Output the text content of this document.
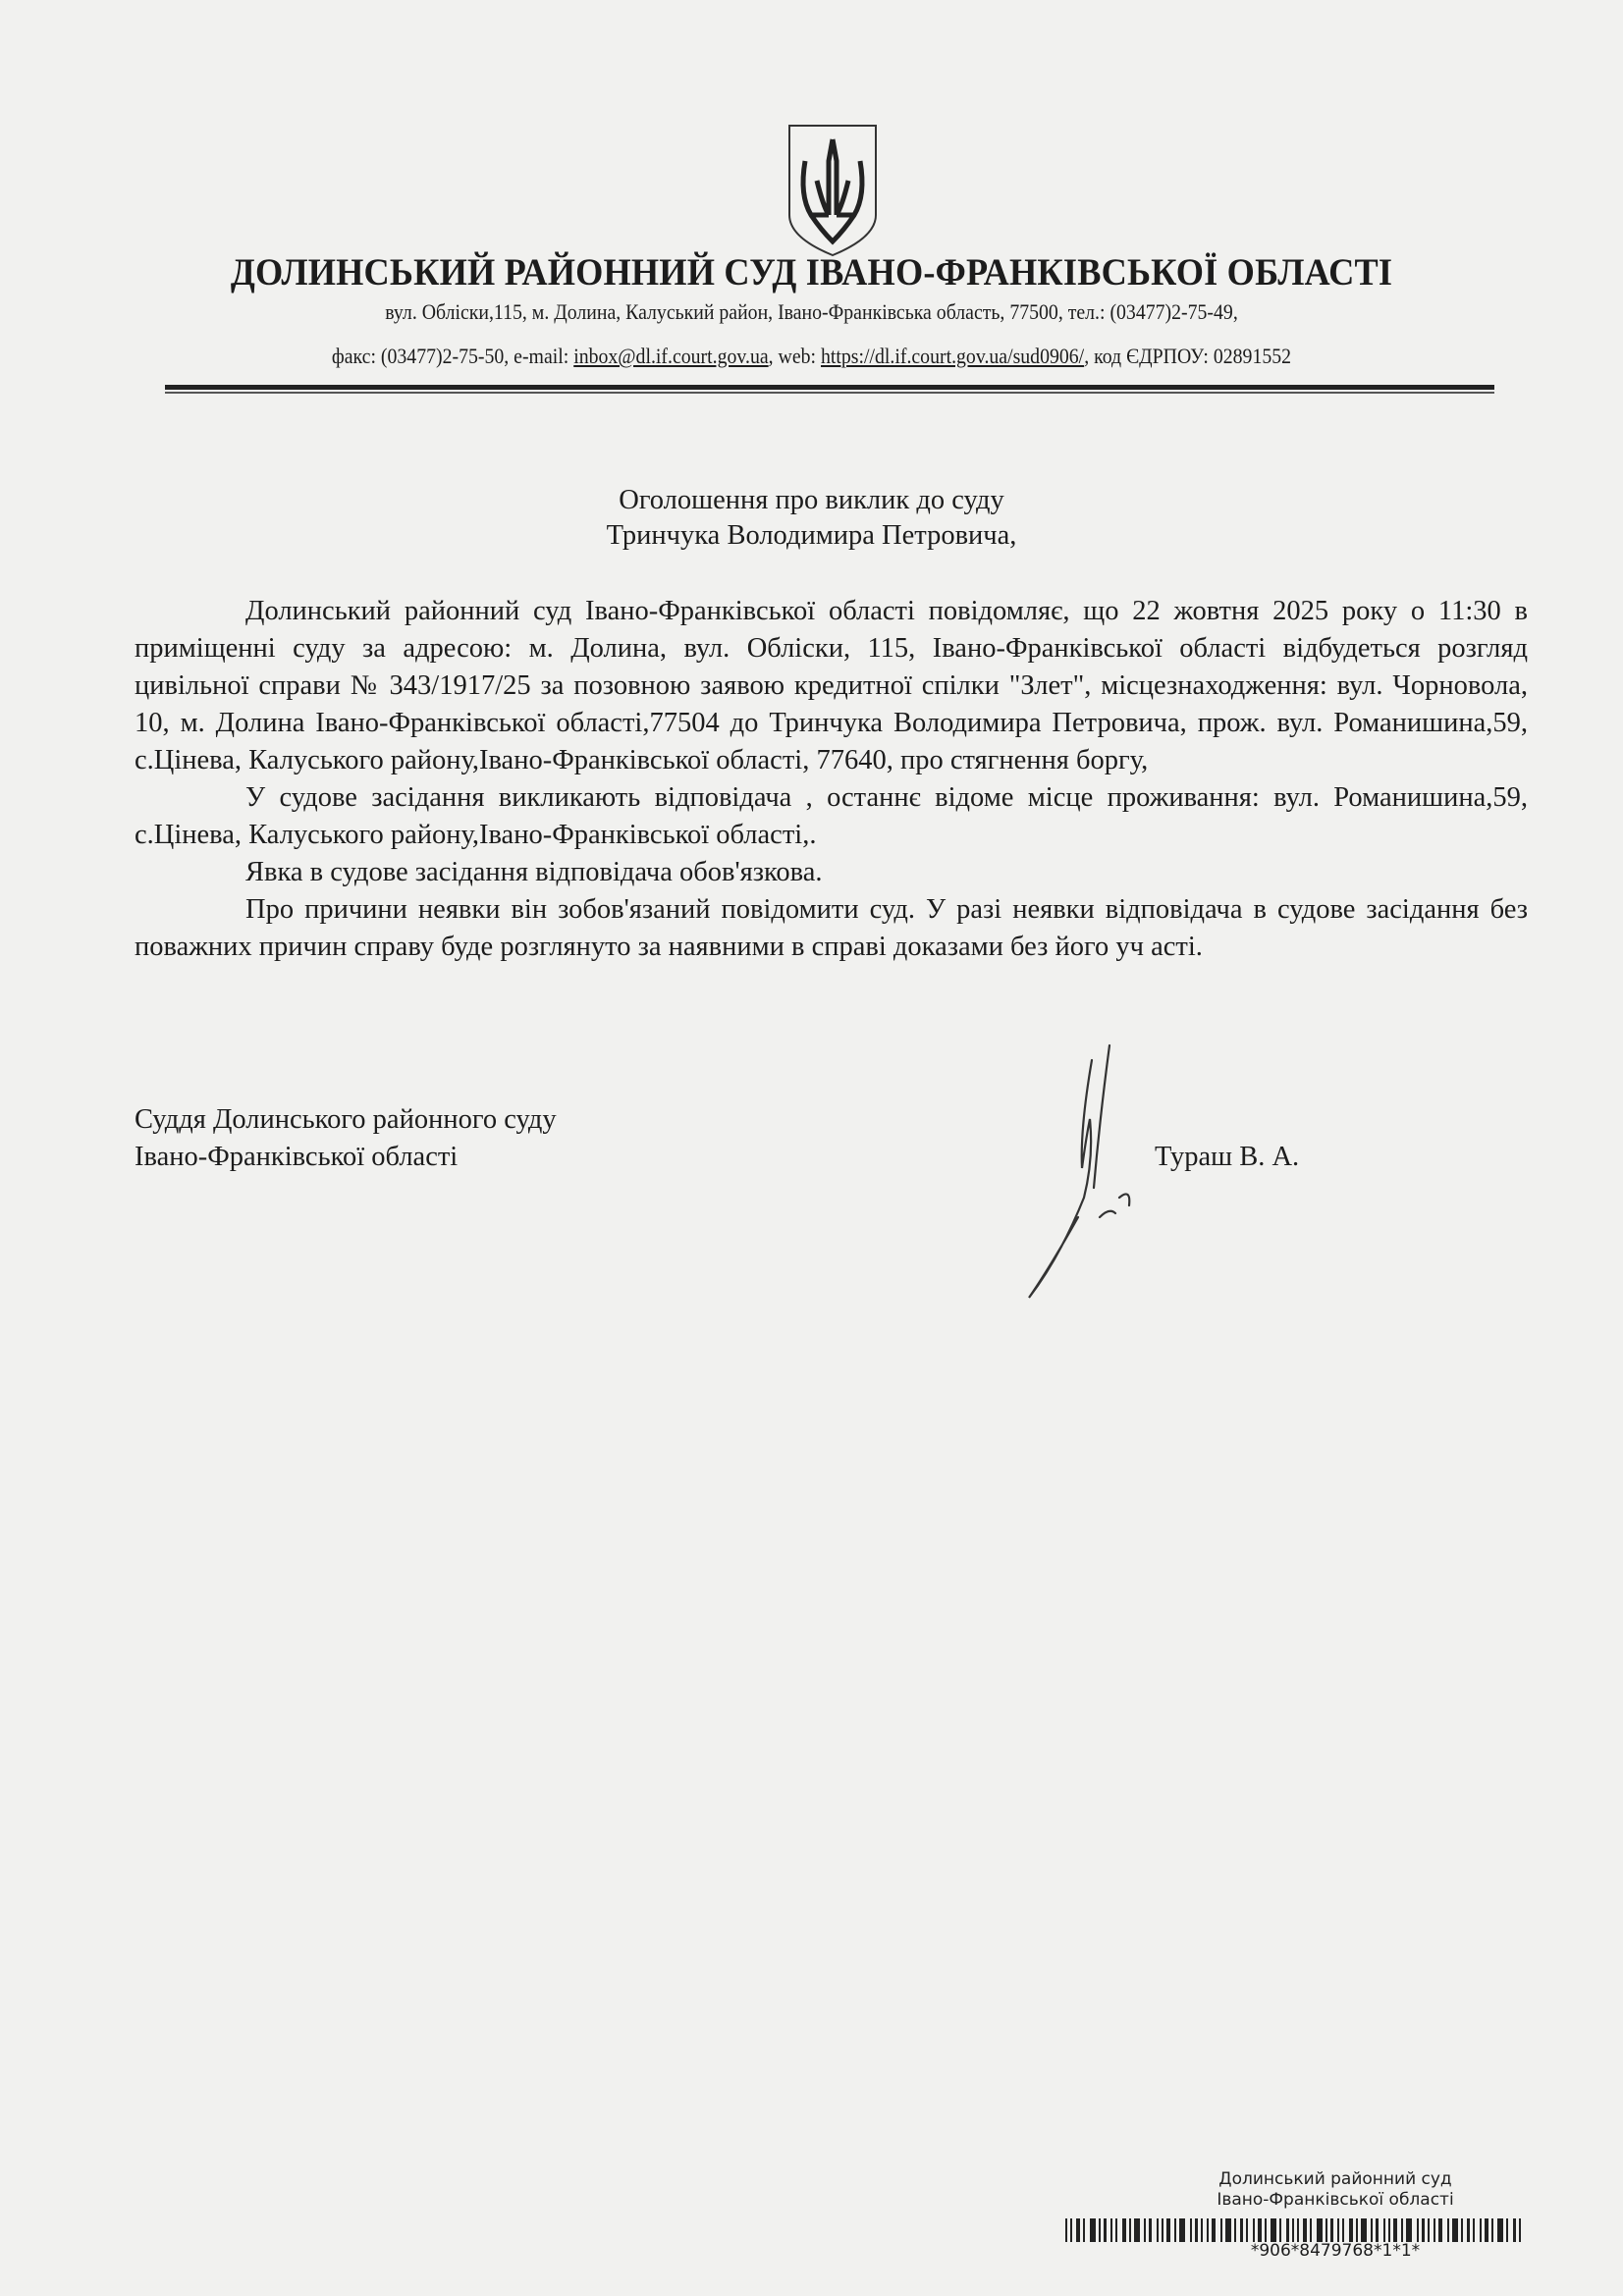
ДОЛИНСЬКИЙ РАЙОННИЙ СУД ІВАНО-ФРАНКІВСЬКОЇ ОБЛАСТІ
вул. Обліски,115, м. Долина, Калуський район, Івано-Франківська область, 77500, тел.: (03477)2-75-49,
факс: (03477)2-75-50, e-mail: inbox@dl.if.court.gov.ua, web: https://dl.if.court.gov.ua/sud0906/, код ЄДРПОУ: 02891552
Оголошення про виклик до суду
Тринчука Володимира Петровича,

Долинський районний суд Івано-Франківської області повідомляє, що 22 жовтня 2025 року о 11:30 в приміщенні суду за адресою: м. Долина, вул. Обліски, 115, Івано-Франківської області відбудеться розгляд цивільної справи № 343/1917/25 за позовною заявою кредитної спілки "Злет", місцезнаходження: вул. Чорновола, 10, м. Долина Івано-Франківської області,77504 до Тринчука Володимира Петровича, прож. вул. Романишина,59, с.Цінева, Калуського району,Івано-Франківської області, 77640, про стягнення боргу,

У судове засідання викликають відповідача , останнє відоме місце проживання: вул. Романишина,59, с.Цінева, Калуського району,Івано-Франківської області,.

Явка в судове засідання відповідача обов'язкова.

Про причини неявки він зобов'язаний повідомити суд. У разі неявки відповідача в судове засідання без поважних причин справу буде розглянуто за наявними в справі доказами без його уч асті.

Суддя Долинського районного суду
Івано-Франківської області	Тураш В. А.
Долинський районний суд
Івано-Франківської області
*906*8479768*1*1*
